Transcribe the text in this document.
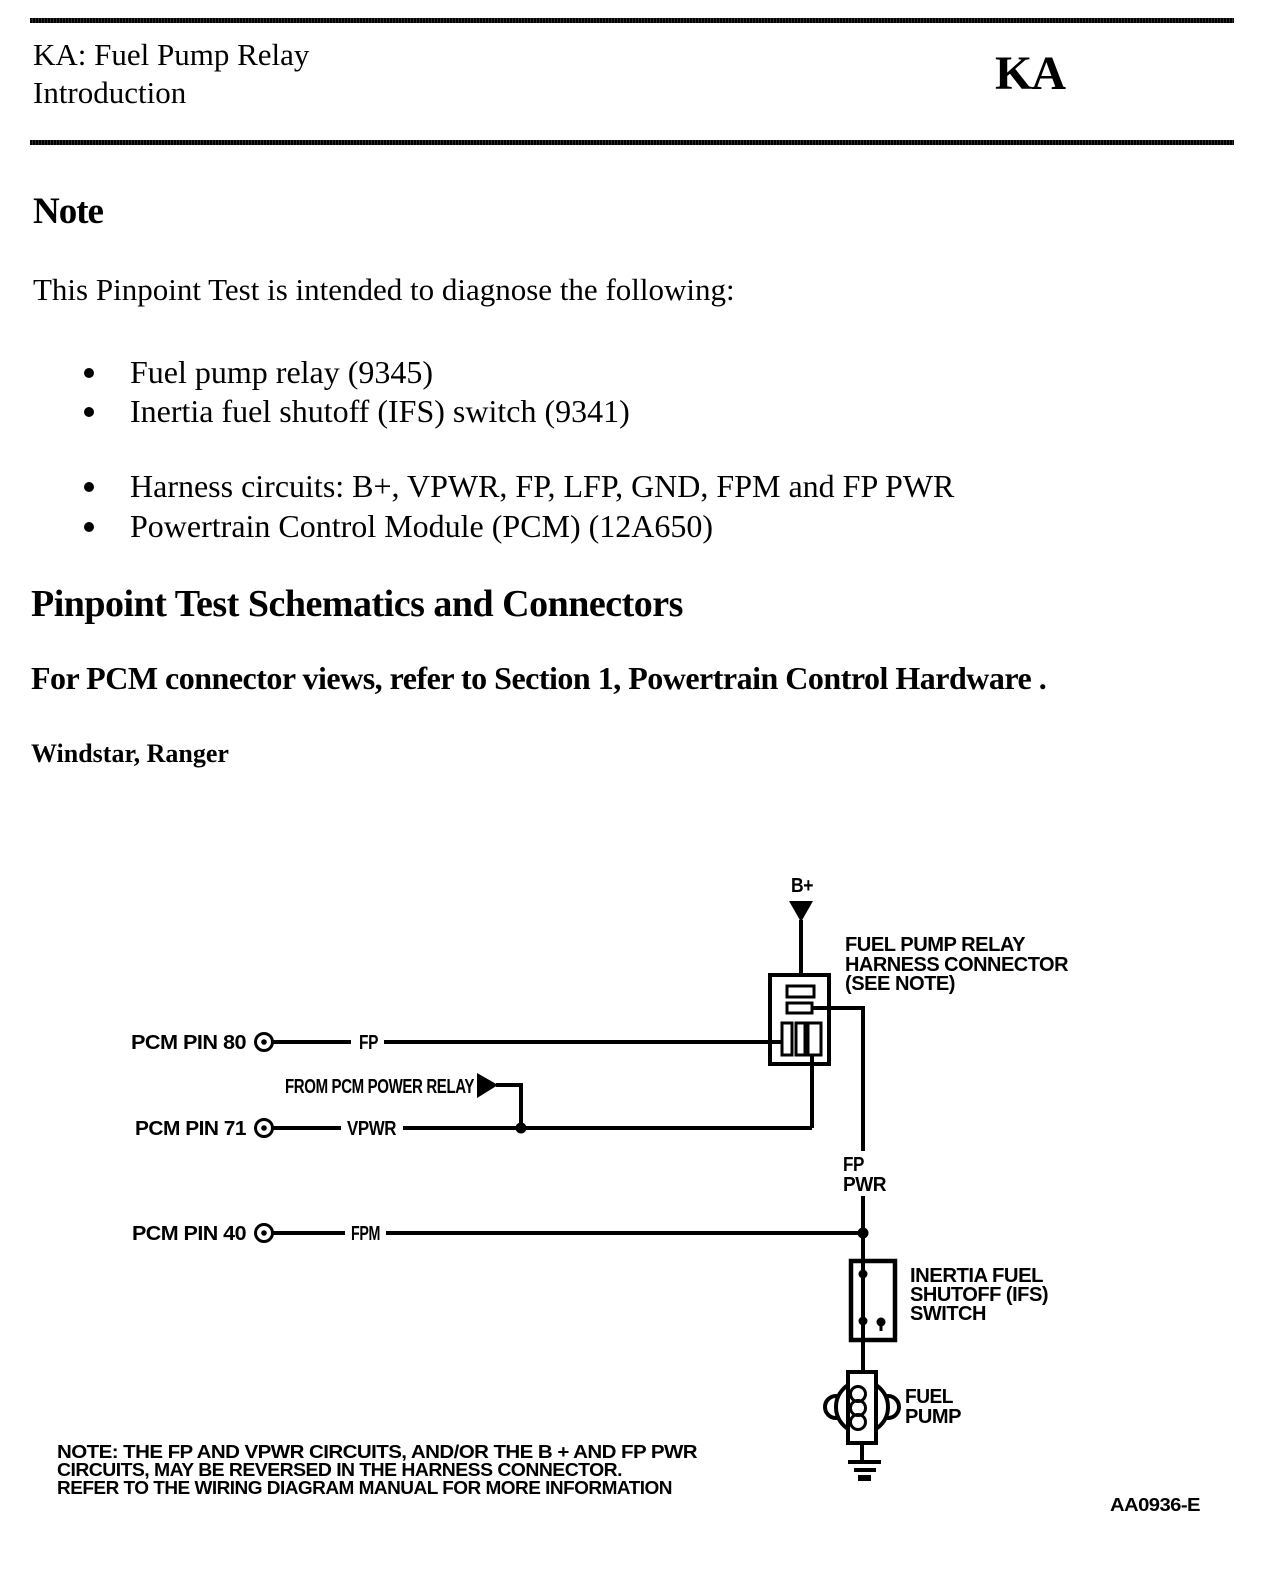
KA: Fuel Pump Relay
Introduction	KA
Note
This Pinpoint Test is intended to diagnose the following:
Fuel pump relay (9345)
Inertia fuel shutoff (IFS) switch (9341)
Harness circuits: B+, VPWR, FP, LFP, GND, FPM and FP PWR
Powertrain Control Module (PCM) (12A650)
Pinpoint Test Schematics and Connectors
For PCM connector views, refer to Section 1, Powertrain Control Hardware .
Windstar, Ranger
B+
PCM PIN 80	FP
FROM PCM POWER RELAY
PCM PIN 71	VPWR
FP
PWR
PCM PIN 40	FPM
FUEL PUMP RELAY
HARNESS CONNECTOR
(SEE NOTE)
INERTIA FUEL
SHUTOFF (IFS)
SWITCH
FUEL
PUMP
NOTE: THE FP AND VPWR CIRCUITS, AND/OR THE B + AND FP PWR
CIRCUITS, MAY BE REVERSED IN THE HARNESS CONNECTOR.
REFER TO THE WIRING DIAGRAM MANUAL FOR MORE INFORMATION
AA0936-E
